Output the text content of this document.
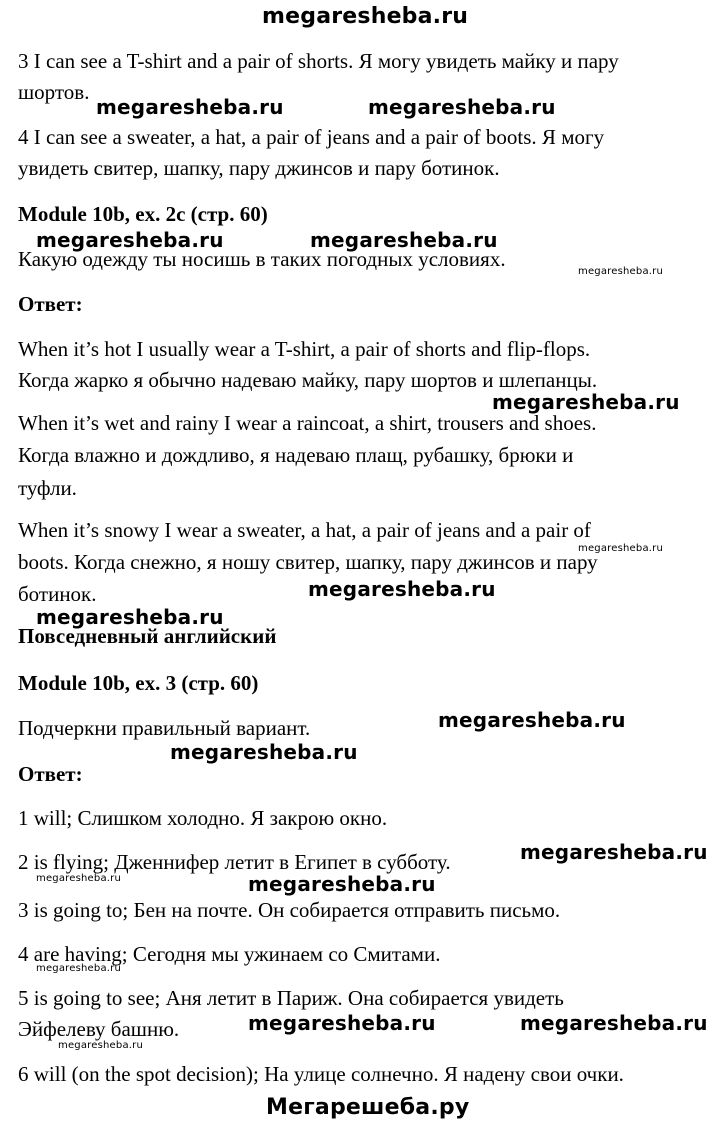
megaresheba.ru
3 I can see a T-shirt and a pair of shorts. Я могу увидеть майку и пару
шортов.
megaresheba.ru	megaresheba.ru
4 I can see a sweater, a hat, a pair of jeans and a pair of boots. Я могу
увидеть свитер, шапку, пару джинсов и пару ботинок.
Module 10b, ex. 2c (стр. 60)
megaresheba.ru	megaresheba.ru
Какую одежду ты носишь в таких погодных условиях.
megaresheba.ru
Ответ:
When it’s hot I usually wear a T-shirt, a pair of shorts and flip-flops.
Когда жарко я обычно надеваю майку, пару шортов и шлепанцы.
megaresheba.ru
When it’s wet and rainy I wear a raincoat, a shirt, trousers and shoes.
Когда влажно и дождливо, я надеваю плащ, рубашку, брюки и
туфли.
When it’s snowy I wear a sweater, a hat, a pair of jeans and a pair of
megaresheba.ru
boots. Когда снежно, я ношу свитер, шапку, пару джинсов и пару
ботинок.	megaresheba.ru
megaresheba.ru
Повседневный английский
Module 10b, ex. 3 (стр. 60)
megaresheba.ru
Подчеркни правильный вариант.
megaresheba.ru
Ответ:
1 will; Слишком холодно. Я закрою окно.
megaresheba.ru
2 is flying; Дженнифер летит в Египет в субботу.
megaresheba.ru	megaresheba.ru
3 is going to; Бен на почте. Он собирается отправить письмо.
4 are having; Сегодня мы ужинаем со Смитами.
megaresheba.ru
5 is going to see; Аня летит в Париж. Она собирается увидеть
Эйфелеву башню.	megaresheba.ru	megaresheba.ru
megaresheba.ru
6 will (on the spot decision); На улице солнечно. Я надену свои очки.
Мегарешеба.ру
